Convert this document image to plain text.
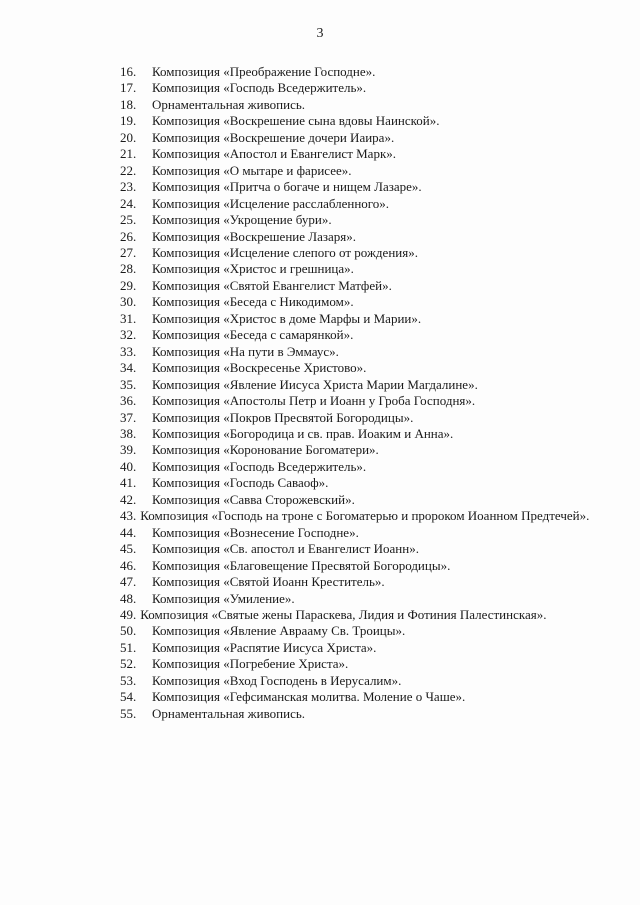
3
16.	Композиция «Преображение Господне».
17.	Композиция «Господь Вседержитель».
18.	Орнаментальная живопись.
19.	Композиция «Воскрешение сына вдовы Наинской».
20.	Композиция «Воскрешение дочери Иаира».
21.	Композиция «Апостол и Евангелист Марк».
22.	Композиция «О мытаре и фарисее».
23.	Композиция «Притча о богаче и нищем Лазаре».
24.	Композиция «Исцеление расслабленного».
25.	Композиция «Укрощение бури».
26.	Композиция «Воскрешение Лазаря».
27.	Композиция «Исцеление слепого от рождения».
28.	Композиция «Христос и грешница».
29.	Композиция «Святой Евангелист Матфей».
30.	Композиция «Беседа с Никодимом».
31.	Композиция «Христос в доме Марфы и Марии».
32.	Композиция «Беседа с самарянкой».
33.	Композиция «На пути в Эммаус».
34.	Композиция «Воскресенье Христово».
35.	Композиция «Явление Иисуса Христа Марии Магдалине».
36.	Композиция «Апостолы Петр и Иоанн у Гроба Господня».
37.	Композиция «Покров Пресвятой Богородицы».
38.	Композиция «Богородица и св. прав. Иоаким и Анна».
39.	Композиция «Коронование Богоматери».
40.	Композиция «Господь Вседержитель».
41.	Композиция «Господь Саваоф».
42.	Композиция «Савва Сторожевский».
43. Композиция «Господь на троне с Богоматерью и пророком Иоанном Предтечей».
44.	Композиция «Вознесение Господне».
45.	Композиция «Св. апостол и Евангелист Иоанн».
46.	Композиция «Благовещение Пресвятой Богородицы».
47.	Композиция «Святой Иоанн Креститель».
48.	Композиция «Умиление».
49. Композиция «Святые жены Параскева, Лидия и Фотиния Палестинская».
50.	Композиция «Явление Аврааму Св. Троицы».
51.	Композиция «Распятие Иисуса Христа».
52.	Композиция «Погребение Христа».
53.	Композиция «Вход Господень в Иерусалим».
54.	Композиция «Гефсиманская молитва. Моление о Чаше».
55.	Орнаментальная живопись.
